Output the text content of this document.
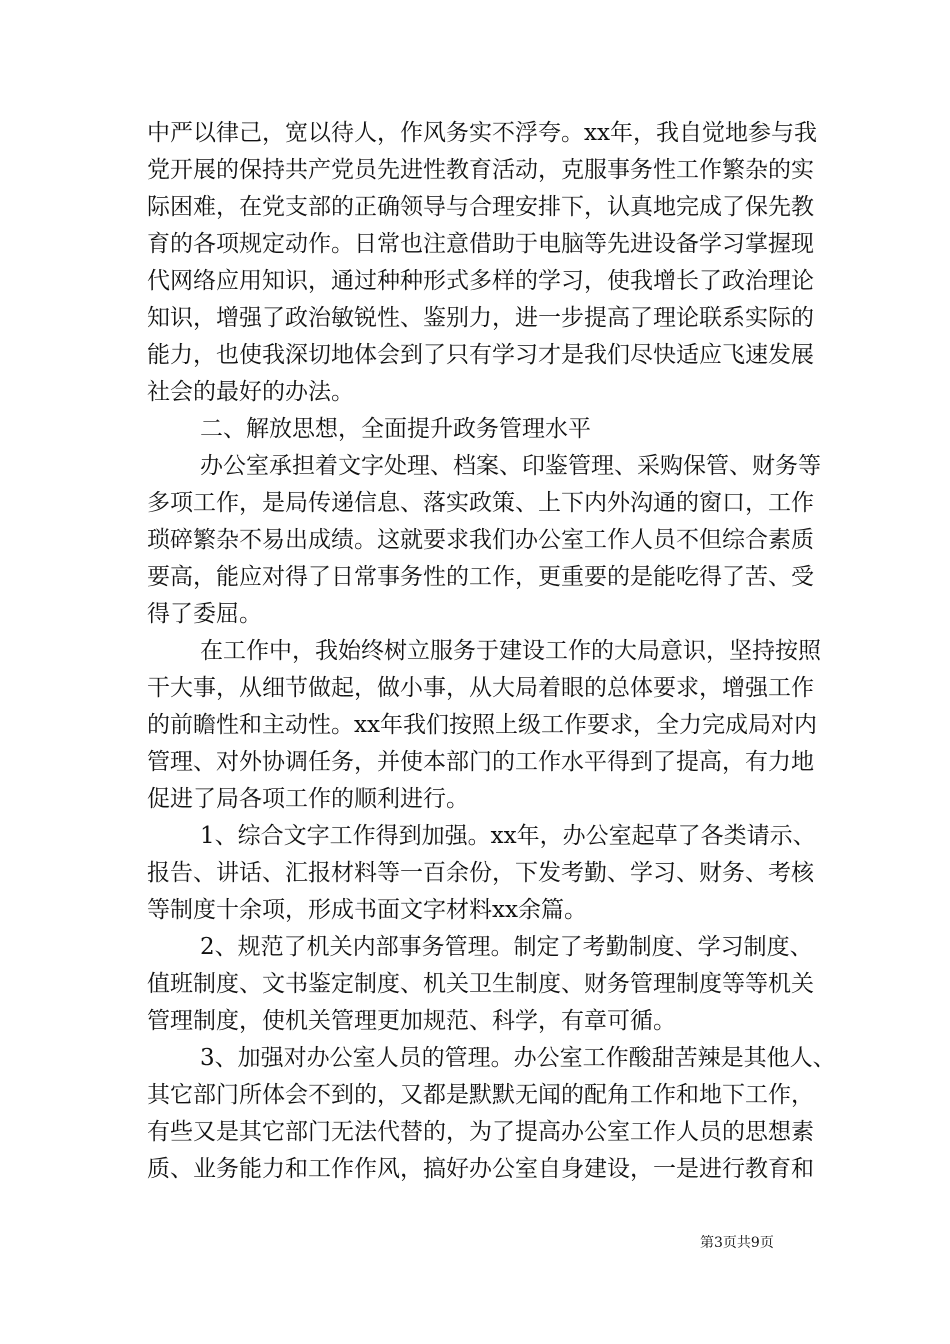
中严以律己，宽以待人，作风务实不浮夸。xx年，我自觉地参与我
党开展的保持共产党员先进性教育活动，克服事务性工作繁杂的实
际困难，在党支部的正确领导与合理安排下，认真地完成了保先教
育的各项规定动作。日常也注意借助于电脑等先进设备学习掌握现
代网络应用知识，通过种种形式多样的学习，使我增长了政治理论
知识，增强了政治敏锐性、鉴别力，进一步提高了理论联系实际的
能力，也使我深切地体会到了只有学习才是我们尽快适应飞速发展
社会的最好的办法。
二、解放思想，全面提升政务管理水平
办公室承担着文字处理、档案、印鉴管理、采购保管、财务等
多项工作，是局传递信息、落实政策、上下内外沟通的窗口，工作
琐碎繁杂不易出成绩。这就要求我们办公室工作人员不但综合素质
要高，能应对得了日常事务性的工作，更重要的是能吃得了苦、受
得了委屈。
在工作中，我始终树立服务于建设工作的大局意识，坚持按照
干大事，从细节做起，做小事，从大局着眼的总体要求，增强工作
的前瞻性和主动性。xx年我们按照上级工作要求，全力完成局对内
管理、对外协调任务，并使本部门的工作水平得到了提高，有力地
促进了局各项工作的顺利进行。
1、综合文字工作得到加强。xx年，办公室起草了各类请示、
报告、讲话、汇报材料等一百余份，下发考勤、学习、财务、考核
等制度十余项，形成书面文字材料xx余篇。
2、规范了机关内部事务管理。制定了考勤制度、学习制度、
值班制度、文书鉴定制度、机关卫生制度、财务管理制度等等机关
管理制度，使机关管理更加规范、科学，有章可循。
3、加强对办公室人员的管理。办公室工作酸甜苦辣是其他人、
其它部门所体会不到的，又都是默默无闻的配角工作和地下工作，
有些又是其它部门无法代替的，为了提高办公室工作人员的思想素
质、业务能力和工作作风，搞好办公室自身建设，一是进行教育和
第3页共9页
